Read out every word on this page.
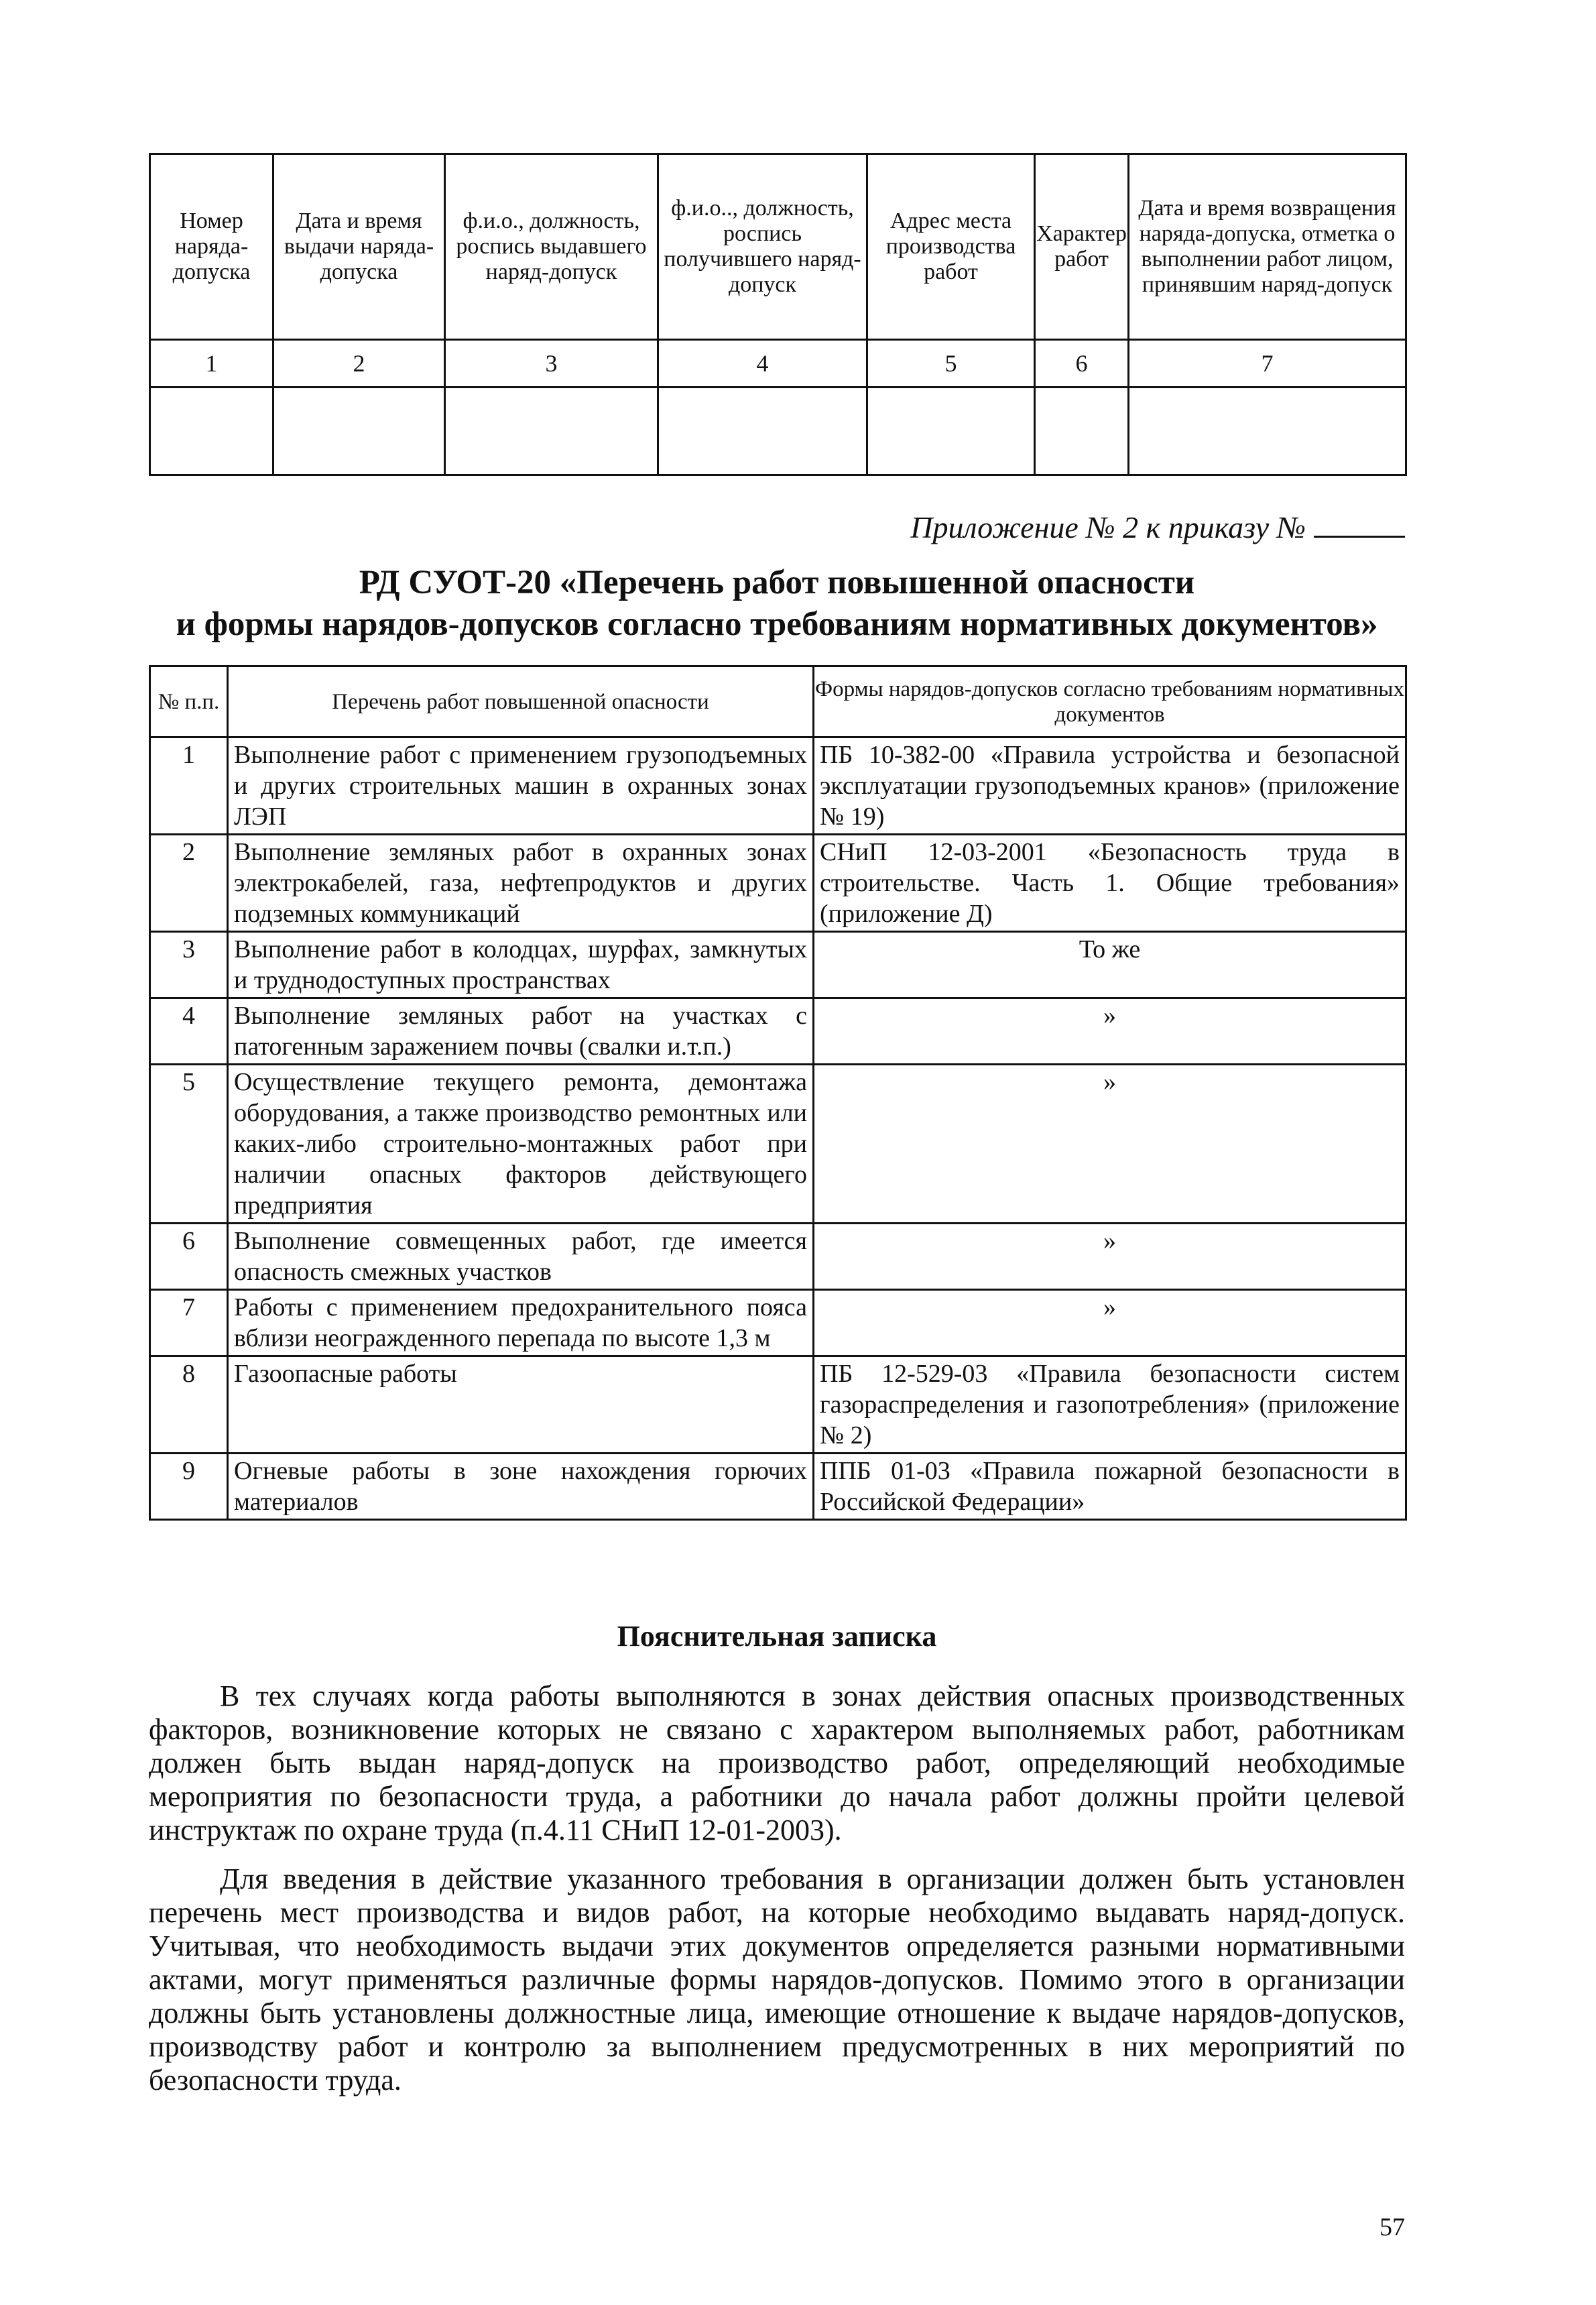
Номер наряда-допуска	Дата и время выдачи наряда-допуска	ф.и.о., должность, роспись выдавшего наряд-допуск	ф.и.о.., должность, роспись получившего наряд-допуск	Адрес места производства работ	Характер работ	Дата и время возвращения наряда-допуска, отметка о выполнении работ лицом, принявшим наряд-допуск
1	2	3	4	5	6	7

Приложение № 2 к приказу №
РД СУОТ-20 «Перечень работ повышенной опасности
и формы нарядов-допусков согласно требованиям нормативных документов»
№ п.п.	Перечень работ повышенной опасности	Формы нарядов-допусков согласно требованиям нормативных документов
1	Выполнение работ с применением грузоподъемных и других строительных машин в охранных зонах ЛЭП	ПБ 10-382-00 «Правила устройства и безопасной эксплуатации грузоподъемных кранов» (приложение № 19)
2	Выполнение земляных работ в охранных зонах электрокабелей, газа, нефтепродуктов и других подземных коммуникаций	СНиП 12-03-2001 «Безопасность труда в строительстве. Часть 1. Общие требования» (приложение Д)
3	Выполнение работ в колодцах, шурфах, замкнутых и труднодоступных пространствах	То же
4	Выполнение земляных работ на участках с патогенным заражением почвы (свалки и.т.п.)	»
5	Осуществление текущего ремонта, демонтажа оборудования, а также производство ремонтных или каких-либо строительно-монтажных работ при наличии опасных факторов действующего предприятия	»
6	Выполнение совмещенных работ, где имеется опасность смежных участков	»
7	Работы с применением предохранительного пояса вблизи неогражденного перепада по высоте 1,3 м	»
8	Газоопасные работы	ПБ 12-529-03 «Правила безопасности систем газораспределения и газопотребления» (приложение № 2)
9	Огневые работы в зоне нахождения горючих материалов	ППБ 01-03 «Правила пожарной безопасности в Российской Федерации»
Пояснительная записка

В тех случаях когда работы выполняются в зонах действия опасных производственных факторов, возникновение которых не связано с характером выполняемых работ, работникам должен быть выдан наряд-допуск на производство работ, определяющий необходимые мероприятия по безопасности труда, а работники до начала работ должны пройти целевой инструктаж по охране труда (п.4.11 СНиП 12-01-2003).

Для введения в действие указанного требования в организации должен быть установлен перечень мест производства и видов работ, на которые необходимо выдавать наряд-допуск. Учитывая, что необходимость выдачи этих документов определяется разными нормативными актами, могут применяться различные формы нарядов-допусков. Помимо этого в организации должны быть установлены должностные лица, имеющие отношение к выдаче нарядов-допусков, производству работ и контролю за выполнением предусмотренных в них мероприятий по безопасности труда.

57
